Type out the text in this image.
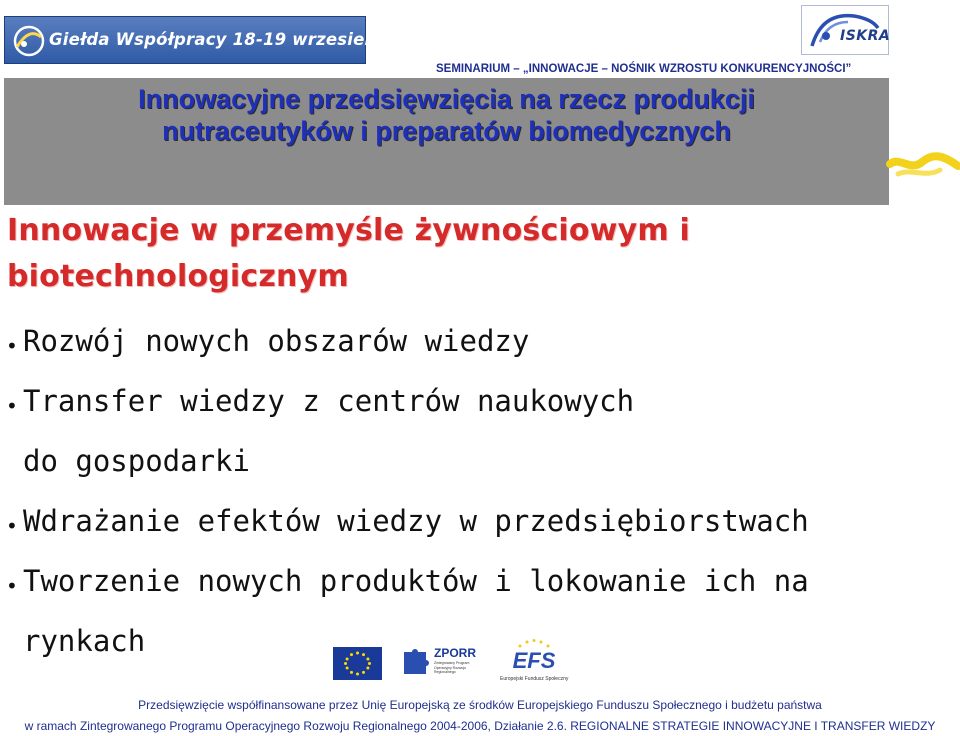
Giełda Współpracy 18-19 wrzesień 2007	ISKRA
SEMINARIUM – „INNOWACJE – NOŚNIK WZROSTU KONKURENCYJNOŚCI”
Innowacyjne przedsięwzięcia na rzecz produkcji
nutraceutyków i preparatów biomedycznych
Innowacje w przemyśle żywnościowym i
biotechnologicznym
• Rozwój nowych obszarów wiedzy
• Transfer wiedzy z centrów naukowych
do gospodarki
• Wdrażanie efektów wiedzy w przedsiębiorstwach
• Tworzenie nowych produktów i lokowanie ich na
rynkach	ZPORR
Zintegrowany Program Operacyjny Rozwoju Regionalnego	EFS
Europejski Fundusz Społeczny
Przedsięwzięcie współfinansowane przez Unię Europejską ze środków Europejskiego Funduszu Społecznego i budżetu państwa
w ramach Zintegrowanego Programu Operacyjnego Rozwoju Regionalnego 2004-2006, Działanie 2.6. REGIONALNE STRATEGIE INNOWACYJNE I TRANSFER WIEDZY
